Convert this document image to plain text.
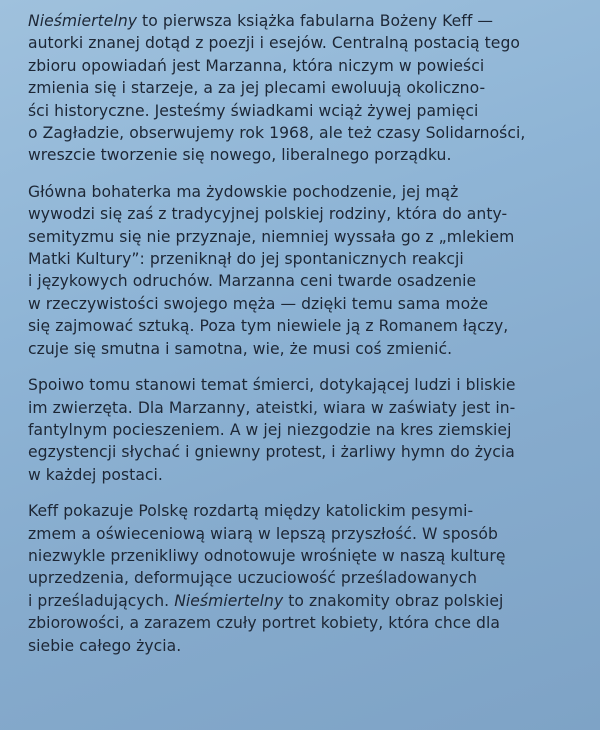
Nieśmiertelny to pierwsza książka fabularna Bożeny Keff —
autorki znanej dotąd z poezji i esejów. Centralną postacią tego
zbioru opowiadań jest Marzanna, która niczym w powieści
zmienia się i starzeje, a za jej plecami ewoluują okoliczno-
ści historyczne. Jesteśmy świadkami wciąż żywej pamięci
o Zagładzie, obserwujemy rok 1968, ale też czasy Solidarności,
wreszcie tworzenie się nowego, liberalnego porządku.
Główna bohaterka ma żydowskie pochodzenie, jej mąż
wywodzi się zaś z tradycyjnej polskiej rodziny, która do anty-
semityzmu się nie przyznaje, niemniej wyssała go z „mlekiem
Matki Kultury”: przeniknął do jej spontanicznych reakcji
i językowych odruchów. Marzanna ceni twarde osadzenie
w rzeczywistości swojego męża — dzięki temu sama może
się zajmować sztuką. Poza tym niewiele ją z Romanem łączy,
czuje się smutna i samotna, wie, że musi coś zmienić.
Spoiwo tomu stanowi temat śmierci, dotykającej ludzi i bliskie
im zwierzęta. Dla Marzanny, ateistki, wiara w zaświaty jest in-
fantylnym pocieszeniem. A w jej niezgodzie na kres ziemskiej
egzystencji słychać i gniewny protest, i żarliwy hymn do życia
w każdej postaci.
Keff pokazuje Polskę rozdartą między katolickim pesymi-
zmem a oświeceniową wiarą w lepszą przyszłość. W sposób
niezwykle przenikliwy odnotowuje wrośnięte w naszą kulturę
uprzedzenia, deformujące uczuciowość prześladowanych
i prześladujących. Nieśmiertelny to znakomity obraz polskiej
zbiorowości, a zarazem czuły portret kobiety, która chce dla
siebie całego życia.
